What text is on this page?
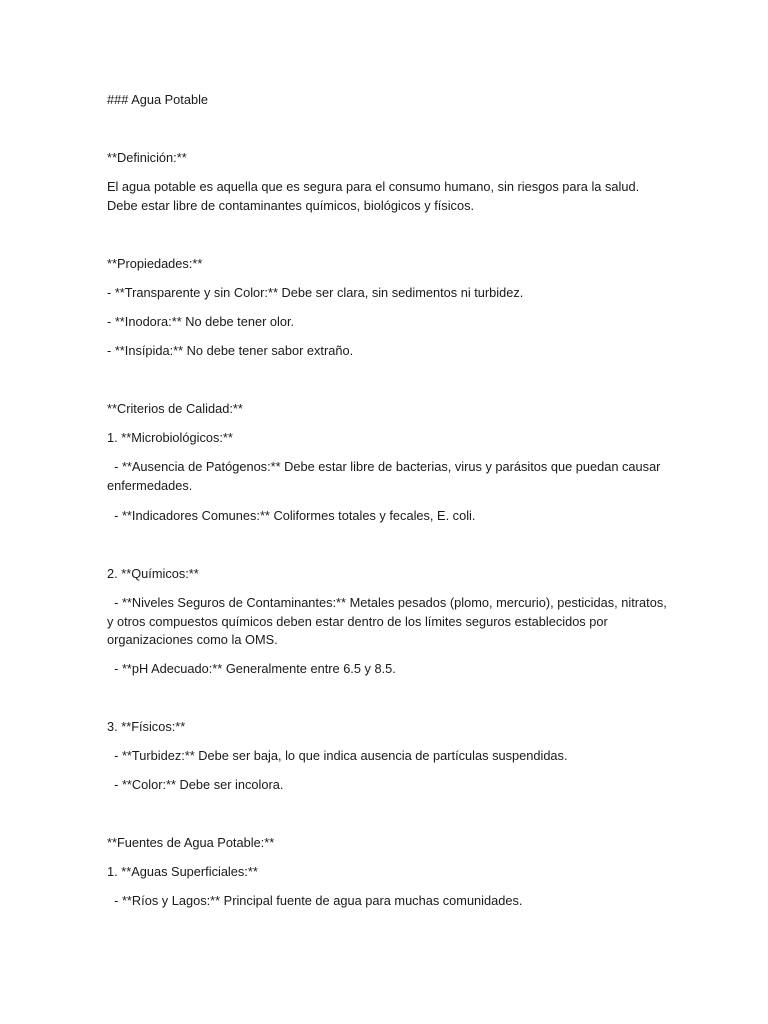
### Agua Potable
**Definición:**
El agua potable es aquella que es segura para el consumo humano, sin riesgos para la salud. Debe estar libre de contaminantes químicos, biológicos y físicos.
**Propiedades:**
- **Transparente y sin Color:** Debe ser clara, sin sedimentos ni turbidez.
- **Inodora:** No debe tener olor.
- **Insípida:** No debe tener sabor extraño.
**Criterios de Calidad:**
1. **Microbiológicos:**
- **Ausencia de Patógenos:** Debe estar libre de bacterias, virus y parásitos que puedan causar enfermedades.
- **Indicadores Comunes:** Coliformes totales y fecales, E. coli.
2. **Químicos:**
- **Niveles Seguros de Contaminantes:** Metales pesados (plomo, mercurio), pesticidas, nitratos, y otros compuestos químicos deben estar dentro de los límites seguros establecidos por organizaciones como la OMS.
- **pH Adecuado:** Generalmente entre 6.5 y 8.5.
3. **Físicos:**
- **Turbidez:** Debe ser baja, lo que indica ausencia de partículas suspendidas.
- **Color:** Debe ser incolora.
**Fuentes de Agua Potable:**
1. **Aguas Superficiales:**
- **Ríos y Lagos:** Principal fuente de agua para muchas comunidades.
